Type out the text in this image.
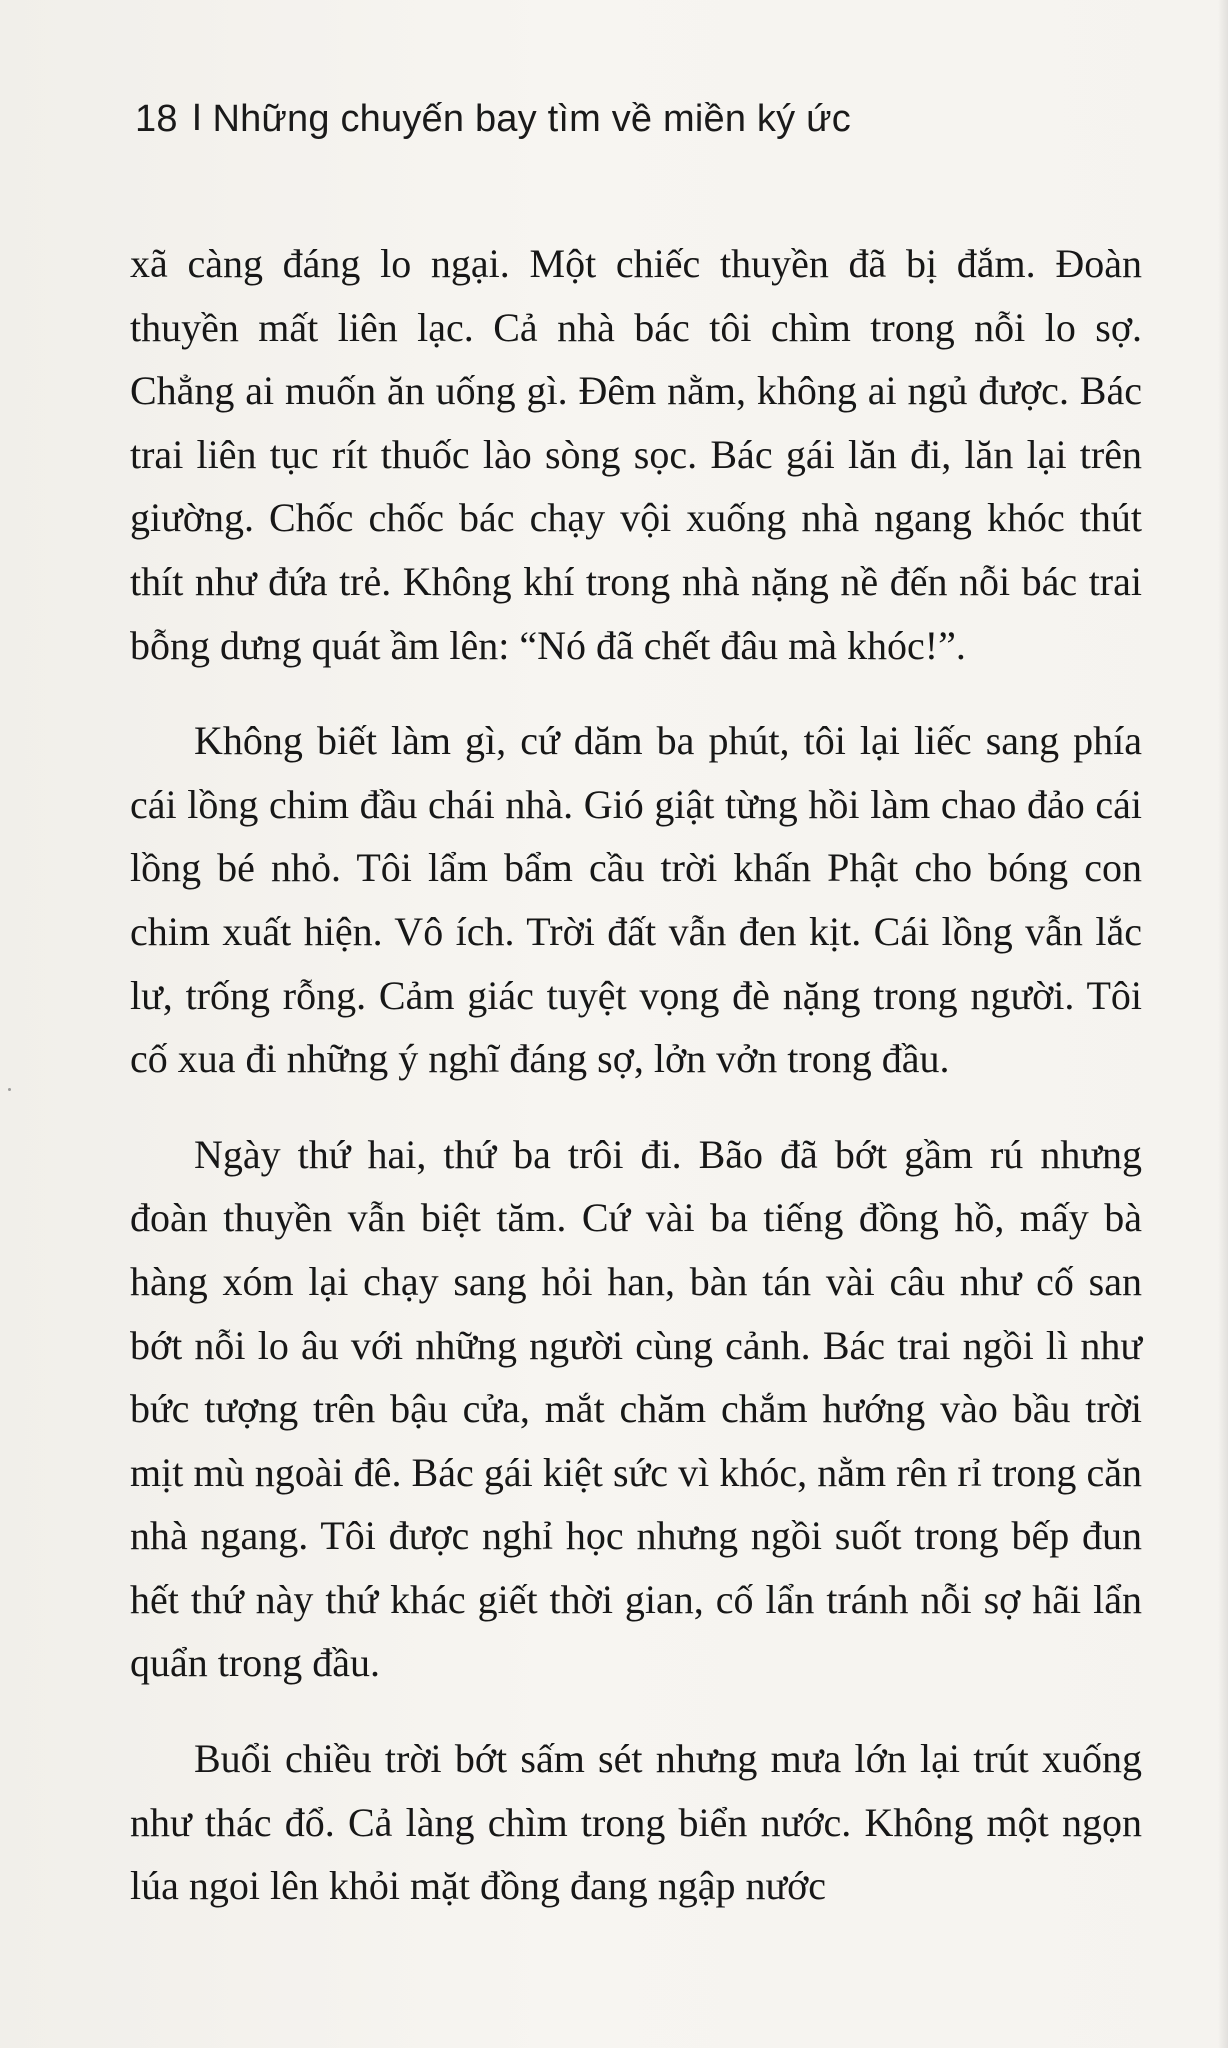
18 I Những chuyến bay tìm về miền ký ức

xã càng đáng lo ngại. Một chiếc thuyền đã bị đắm. Đoàn thuyền mất liên lạc. Cả nhà bác tôi chìm trong nỗi lo sợ. Chẳng ai muốn ăn uống gì. Đêm nằm, không ai ngủ được. Bác trai liên tục rít thuốc lào sòng sọc. Bác gái lăn đi, lăn lại trên giường. Chốc chốc bác chạy vội xuống nhà ngang khóc thút thít như đứa trẻ. Không khí trong nhà nặng nề đến nỗi bác trai bỗng dưng quát ầm lên: “Nó đã chết đâu mà khóc!”.

Không biết làm gì, cứ dăm ba phút, tôi lại liếc sang phía cái lồng chim đầu chái nhà. Gió giật từng hồi làm chao đảo cái lồng bé nhỏ. Tôi lẩm bẩm cầu trời khấn Phật cho bóng con chim xuất hiện. Vô ích. Trời đất vẫn đen kịt. Cái lồng vẫn lắc lư, trống rỗng. Cảm giác tuyệt vọng đè nặng trong người. Tôi cố xua đi những ý nghĩ đáng sợ, lởn vởn trong đầu.

Ngày thứ hai, thứ ba trôi đi. Bão đã bớt gầm rú nhưng đoàn thuyền vẫn biệt tăm. Cứ vài ba tiếng đồng hồ, mấy bà hàng xóm lại chạy sang hỏi han, bàn tán vài câu như cố san bớt nỗi lo âu với những người cùng cảnh. Bác trai ngồi lì như bức tượng trên bậu cửa, mắt chăm chắm hướng vào bầu trời mịt mù ngoài đê. Bác gái kiệt sức vì khóc, nằm rên rỉ trong căn nhà ngang. Tôi được nghỉ học nhưng ngồi suốt trong bếp đun hết thứ này thứ khác giết thời gian, cố lẩn tránh nỗi sợ hãi lẩn quẩn trong đầu.

Buổi chiều trời bớt sấm sét nhưng mưa lớn lại trút xuống như thác đổ. Cả làng chìm trong biển nước. Không một ngọn lúa ngoi lên khỏi mặt đồng đang ngập nước
